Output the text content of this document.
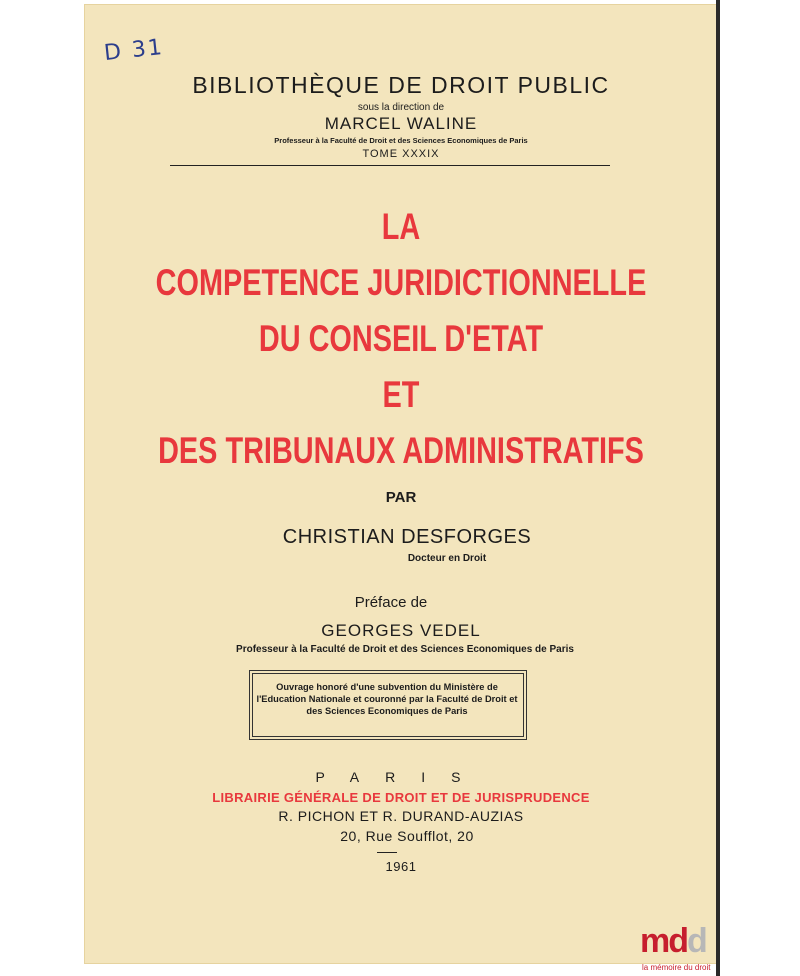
D 31
BIBLIOTHÈQUE DE DROIT PUBLIC
sous la direction de
MARCEL WALINE
Professeur à la Faculté de Droit et des Sciences Economiques de Paris
TOME XXXIX
LA
COMPETENCE JURIDICTIONNELLE
DU CONSEIL D'ETAT
ET
DES TRIBUNAUX ADMINISTRATIFS
PAR
CHRISTIAN DESFORGES
Docteur en Droit
Préface de
GEORGES VEDEL
Professeur à la Faculté de Droit et des Sciences Economiques de Paris
Ouvrage honoré d'une subvention du Ministère de l'Education Nationale et couronné par la Faculté de Droit et des Sciences Economiques de Paris
PARIS
LIBRAIRIE GÉNÉRALE DE DROIT ET DE JURISPRUDENCE
R. PICHON ET R. DURAND-AUZIAS
20, Rue Soufflot, 20
1961
mdd
la mémoire du droit
